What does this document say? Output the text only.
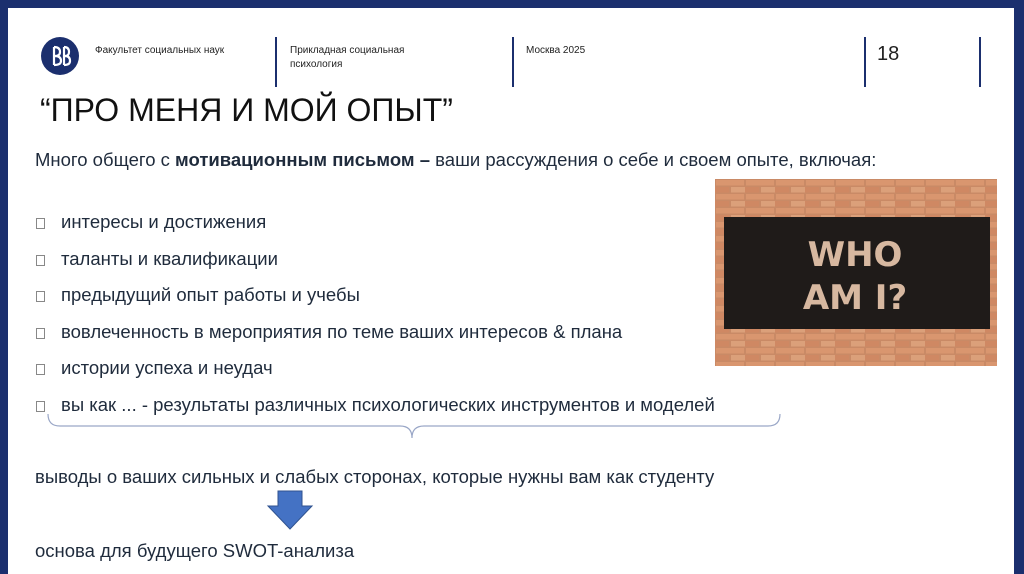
Факультет социальных наук	Прикладная социальная
психология
Москва 2025	18
“ПРО МЕНЯ И МОЙ ОПЫТ”
Много общего с мотивационным письмом – ваши рассуждения о себе и своем опыте, включая:
интересы и достижения
таланты и квалификации
предыдущий опыт работы и учебы
вовлеченность в мероприятия по теме ваших интересов & плана
истории успеха и неудач
вы как ... - результаты различных психологических инструментов и моделей
WHO
AM I?
выводы о ваших сильных и слабых сторонах, которые нужны вам как студенту
основа для будущего SWOT-анализа
